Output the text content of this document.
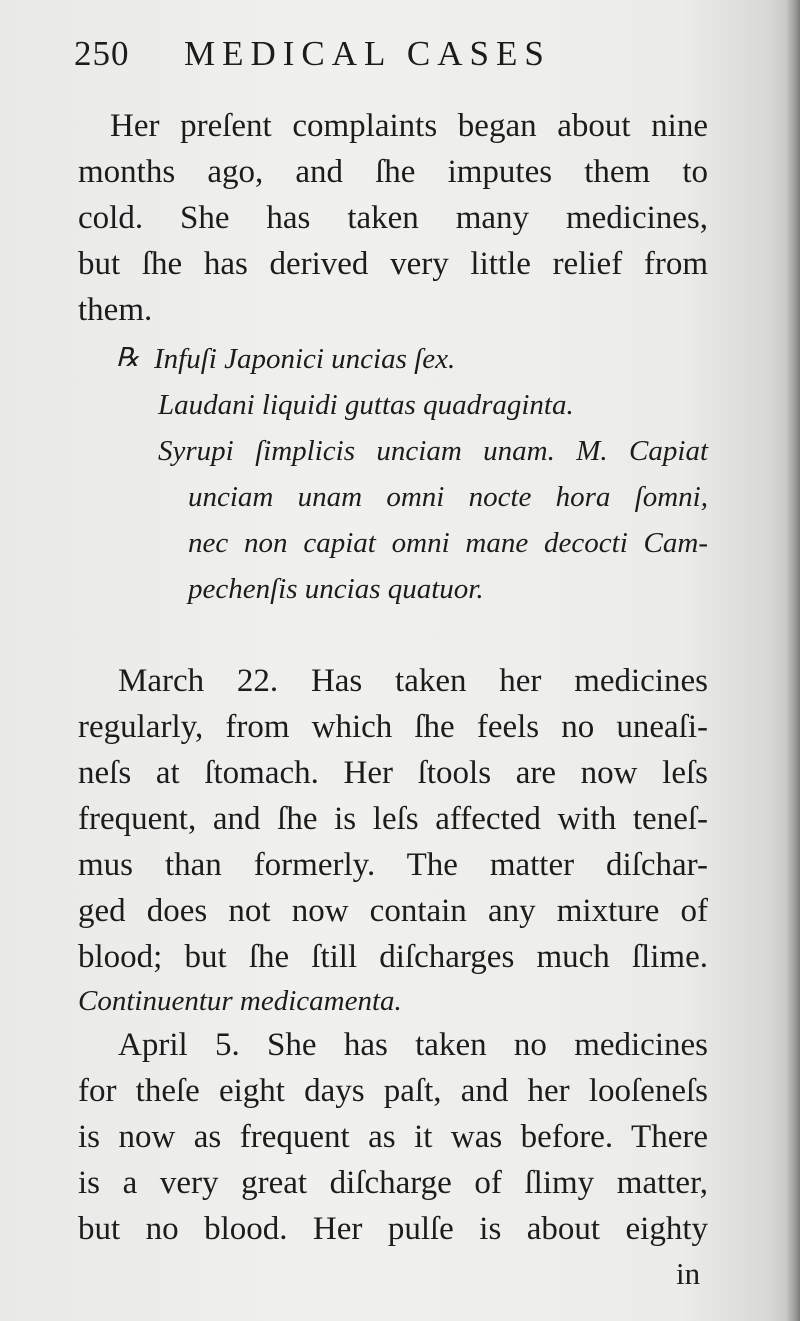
250 MEDICAL CASES
Her preſent complaints began about nine
months ago, and ſhe imputes them to
cold. She has taken many medicines,
but ſhe has derived very little relief from
them.
℞ Infuſi Japonici uncias ſex.
Laudani liquidi guttas quadraginta.
Syrupi ſimplicis unciam unam. M. Capiat
unciam unam omni nocte hora ſomni,
nec non capiat omni mane decocti Cam-
pechenſis uncias quatuor.
March 22. Has taken her medicines
regularly, from which ſhe feels no uneaſi-
neſs at ſtomach. Her ſtools are now leſs
frequent, and ſhe is leſs affected with teneſ-
mus than formerly. The matter diſchar-
ged does not now contain any mixture of
blood; but ſhe ſtill diſcharges much ſlime.
Continuentur medicamenta.
April 5. She has taken no medicines
for theſe eight days paſt, and her looſeneſs
is now as frequent as it was before. There
is a very great diſcharge of ſlimy matter,
but no blood. Her pulſe is about eighty
in
